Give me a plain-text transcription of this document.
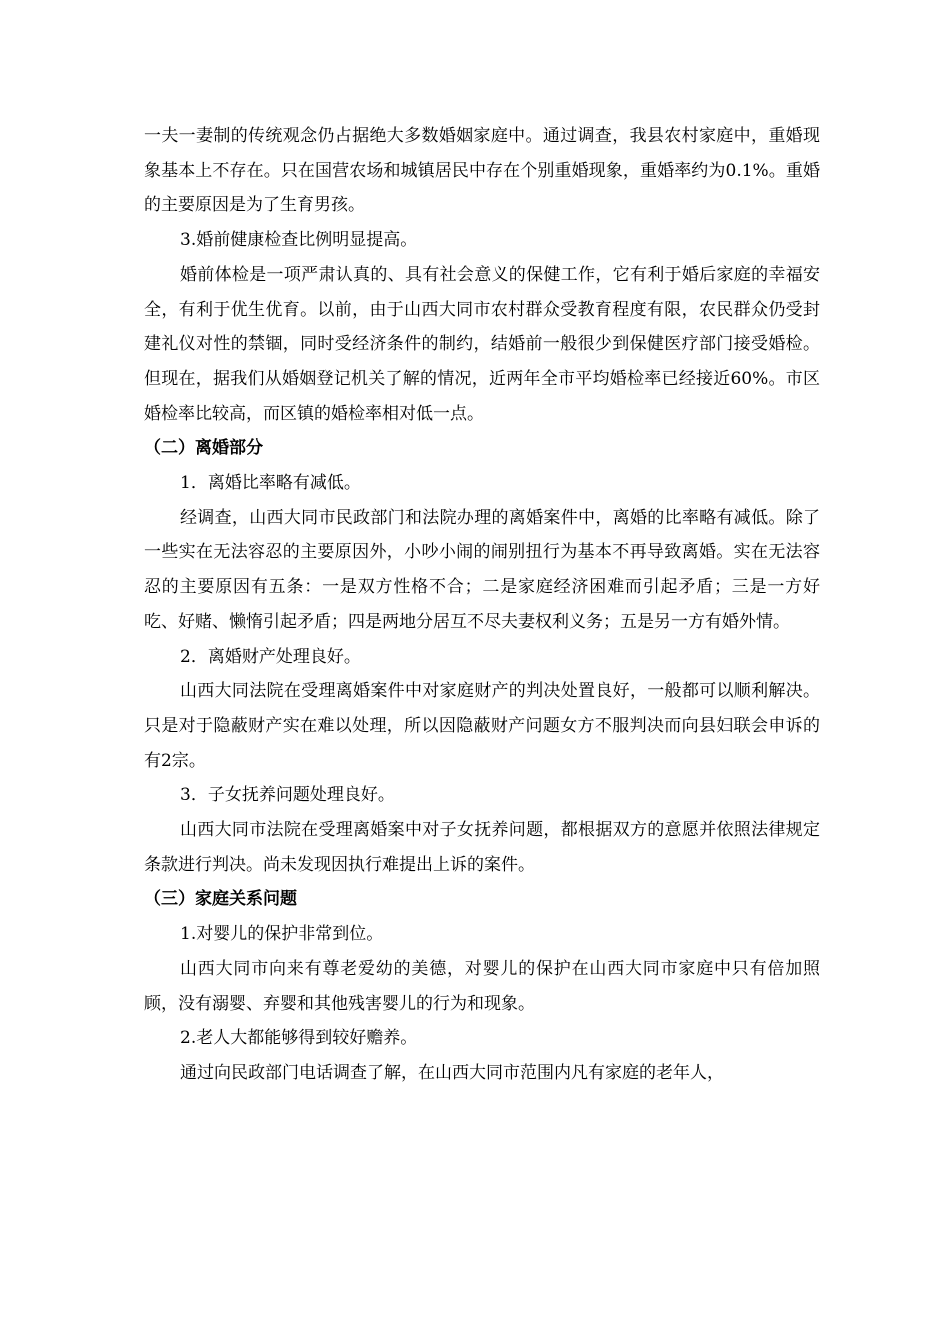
一夫一妻制的传统观念仍占据绝大多数婚姻家庭中。通过调查，我县农村家庭中，重婚现象基本上不存在。只在国营农场和城镇居民中存在个别重婚现象，重婚率约为0.1%。重婚的主要原因是为了生育男孩。

3.婚前健康检查比例明显提高。

婚前体检是一项严肃认真的、具有社会意义的保健工作，它有利于婚后家庭的幸福安全，有利于优生优育。以前，由于山西大同市农村群众受教育程度有限，农民群众仍受封建礼仪对性的禁锢，同时受经济条件的制约，结婚前一般很少到保健医疗部门接受婚检。但现在，据我们从婚姻登记机关了解的情况，近两年全市平均婚检率已经接近60%。市区婚检率比较高，而区镇的婚检率相对低一点。

（二）离婚部分

1．离婚比率略有减低。

经调查，山西大同市民政部门和法院办理的离婚案件中，离婚的比率略有减低。除了一些实在无法容忍的主要原因外，小吵小闹的闹别扭行为基本不再导致离婚。实在无法容忍的主要原因有五条：一是双方性格不合；二是家庭经济困难而引起矛盾；三是一方好吃、好赌、懒惰引起矛盾；四是两地分居互不尽夫妻权利义务；五是另一方有婚外情。

2．离婚财产处理良好。

山西大同法院在受理离婚案件中对家庭财产的判决处置良好，一般都可以顺利解决。只是对于隐蔽财产实在难以处理，所以因隐蔽财产问题女方不服判决而向县妇联会申诉的有2宗。

3．子女抚养问题处理良好。

山西大同市法院在受理离婚案中对子女抚养问题，都根据双方的意愿并依照法律规定条款进行判决。尚未发现因执行难提出上诉的案件。

（三）家庭关系问题

1.对婴儿的保护非常到位。

山西大同市向来有尊老爱幼的美德，对婴儿的保护在山西大同市家庭中只有倍加照顾，没有溺婴、弃婴和其他残害婴儿的行为和现象。

2.老人大都能够得到较好赡养。

通过向民政部门电话调查了解，在山西大同市范围内凡有家庭的老年人，
